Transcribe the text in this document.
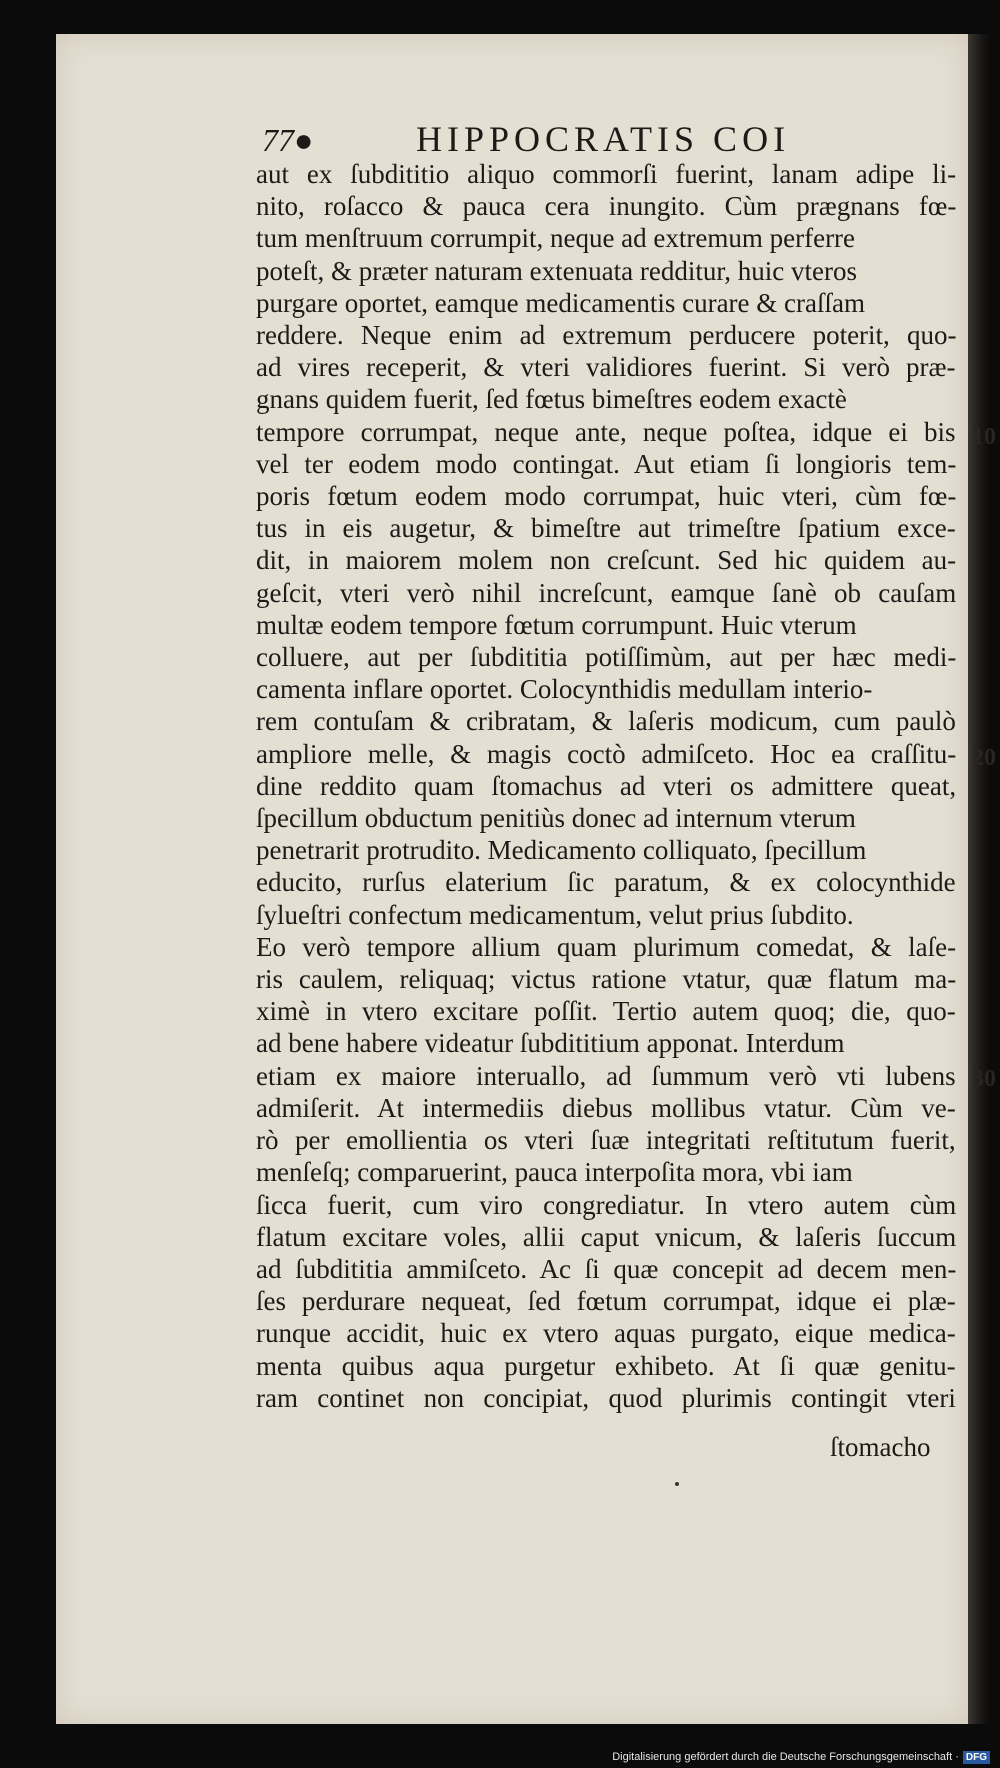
77●	HIPPOCRATIS COI
aut ex ſubdititio aliquo commorſi fuerint, lanam adipe li-
nito, roſacco & pauca cera inungito. Cùm prægnans fœ-
tum menſtruum corrumpit, neque ad extremum perferre
poteſt, & præter naturam extenuata redditur, huic vteros
purgare oportet, eamque medicamentis curare & craſſam
reddere. Neque enim ad extremum perducere poterit, quo-
ad vires receperit, & vteri validiores fuerint. Si verò præ-
gnans quidem fuerit, ſed fœtus bimeſtres eodem exactè
tempore corrumpat, neque ante, neque poſtea, idque ei bis
vel ter eodem modo contingat. Aut etiam ſi longioris tem-
poris fœtum eodem modo corrumpat, huic vteri, cùm fœ-
tus in eis augetur, & bimeſtre aut trimeſtre ſpatium exce-
dit, in maiorem molem non creſcunt. Sed hic quidem au-
geſcit, vteri verò nihil increſcunt, eamque ſanè ob cauſam
multæ eodem tempore fœtum corrumpunt. Huic vterum
colluere, aut per ſubdititia potiſſimùm, aut per hæc medi-
camenta inflare oportet. Colocynthidis medullam interio-
rem contuſam & cribratam, & laſeris modicum, cum paulò
ampliore melle, & magis coctò admiſceto. Hoc ea craſſitu-
dine reddito quam ſtomachus ad vteri os admittere queat,
ſpecillum obductum penitiùs donec ad internum vterum
penetrarit protrudito. Medicamento colliquato, ſpecillum
educito, rurſus elaterium ſic paratum, & ex colocynthide
ſylueſtri confectum medicamentum, velut prius ſubdito.
Eo verò tempore allium quam plurimum comedat, & laſe-
ris caulem, reliquaq; victus ratione vtatur, quæ flatum ma-
ximè in vtero excitare poſſit. Tertio autem quoq; die, quo-
ad bene habere videatur ſubdititium apponat. Interdum
etiam ex maiore interuallo, ad ſummum verò vti lubens
admiſerit. At intermediis diebus mollibus vtatur. Cùm ve-
rò per emollientia os vteri ſuæ integritati reſtitutum fuerit,
menſeſq; comparuerint, pauca interpoſita mora, vbi iam
ſicca fuerit, cum viro congrediatur. In vtero autem cùm
flatum excitare voles, allii caput vnicum, & laſeris ſuccum
ad ſubdititia ammiſceto. Ac ſi quæ concepit ad decem men-
ſes perdurare nequeat, ſed fœtum corrumpat, idque ei plæ-
runque accidit, huic ex vtero aquas purgato, eique medica-
menta quibus aqua purgetur exhibeto. At ſi quæ genitu-
ram continet non concipiat, quod plurimis contingit vteri
ſtomacho
10
20
30
Digitalisierung gefördert durch die Deutsche Forschungsgemeinschaft · DFG
